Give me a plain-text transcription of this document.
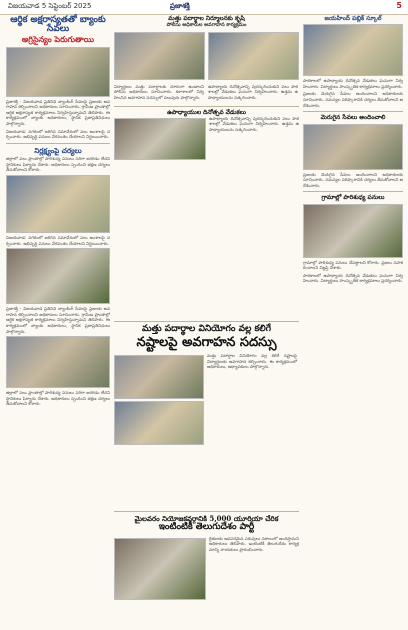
విజయవాడ 5 సెప్టెంబర్ 2025	ప్రజాశక్తి	5

ఆర్థిక అక్షరాస్యతతో బ్యాంకు సేవలు

అగ్రిసైన్యం పెరుగుతాయి

ప్రజాశక్తి - విజయవాడ ప్రతినిధి బ్యాంకింగ్ సేవలపై ప్రజలకు అవగాహన కల్పించాలని అధికారులు సూచించారు. గ్రామీణ ప్రాంతాల్లో ఆర్థిక అక్షరాస్యత కార్యక్రమాలు నిర్వహిస్తున్నామని తెలిపారు. ఈ కార్యక్రమంలో బ్యాంకు అధికారులు, స్థానిక ప్రజాప్రతినిధులు పాల్గొన్నారు.

విజయవాడ: నగరంలో జరిగిన సమావేశంలో పలు అంశాలపై చర్చించారు. అభివృద్ధి పనులు వేగవంతం చేయాలని నిర్ణయించారు.

నిర్లక్ష్యంపై చర్యలు

జిల్లాలో పలు ప్రాంతాల్లో పారిశుధ్య పనులు సరిగా జరగడం లేదని స్థానికులు ఫిర్యాదు చేశారు. అధికారులు స్పందించి తక్షణ చర్యలు తీసుకోవాలని కోరారు.

విజయవాడ: నగరంలో జరిగిన సమావేశంలో పలు అంశాలపై చర్చించారు. అభివృద్ధి పనులు వేగవంతం చేయాలని నిర్ణయించారు.

ప్రజాశక్తి - విజయవాడ ప్రతినిధి బ్యాంకింగ్ సేవలపై ప్రజలకు అవగాహన కల్పించాలని అధికారులు సూచించారు. గ్రామీణ ప్రాంతాల్లో ఆర్థిక అక్షరాస్యత కార్యక్రమాలు నిర్వహిస్తున్నామని తెలిపారు. ఈ కార్యక్రమంలో బ్యాంకు అధికారులు, స్థానిక ప్రజాప్రతినిధులు పాల్గొన్నారు.

జిల్లాలో పలు ప్రాంతాల్లో పారిశుధ్య పనులు సరిగా జరగడం లేదని స్థానికులు ఫిర్యాదు చేశారు. అధికారులు స్పందించి తక్షణ చర్యలు తీసుకోవాలని కోరారు.

మత్తు పదార్థాల నిర్మూలనకు కృషి

పోలీసు అధికారుల అవగాహన కార్యక్రమం

విద్యార్థులు మత్తు పదార్థాలకు దూరంగా ఉండాలని పోలీసు అధికారులు సూచించారు. కళాశాలలో నిర్వహించిన అవగాహన సదస్సులో పలువురు పాల్గొన్నారు.

ఉపాధ్యాయ దినోత్సవాన్ని పురస్కరించుకుని పలు పాఠశాలల్లో వేడుకలు ఘనంగా నిర్వహించారు. ఉత్తమ ఉపాధ్యాయులను సత్కరించారు.

ఉపాధ్యాయుల దినోత్సవ వేడుకలు

ఉపాధ్యాయ దినోత్సవాన్ని పురస్కరించుకుని పలు పాఠశాలల్లో వేడుకలు ఘనంగా నిర్వహించారు. ఉత్తమ ఉపాధ్యాయులను సత్కరించారు.

మత్తు పదార్థాల వినియోగం వల్ల కలిగే

నష్టాలపై అవగాహన సదస్సు

మత్తు పదార్థాల వినియోగం వల్ల కలిగే నష్టాలపై విద్యార్థులకు అవగాహన కల్పించారు. ఈ కార్యక్రమంలో అధికారులు, అధ్యాపకులు పాల్గొన్నారు.

మైలవరం నియోజకవర్గానికి 5,000 యూరియా చేరిక

ఇంటింటికీ తెలుగుదేశం పార్టీ

రైతులకు అవసరమైన ఎరువులు సకాలంలో అందిస్తామని అధికారులు తెలిపారు. ఇంటింటికీ తెలుగుదేశం కార్యక్రమాన్ని నాయకులు ప్రారంభించారు.

జయహింద్ పబ్లిక్ స్కూల్

పాఠశాలలో ఉపాధ్యాయ దినోత్సవ వేడుకలు ఘనంగా నిర్వహించారు. విద్యార్థులు సాంస్కృతిక కార్యక్రమాలు ప్రదర్శించారు.

ప్రజలకు మెరుగైన సేవలు అందించాలని అధికారులకు సూచించారు. సమస్యల పరిష్కారానికి చర్యలు తీసుకోవాలని ఆదేశించారు.

మెరుగైన సేవలు అందించాలి

ప్రజలకు మెరుగైన సేవలు అందించాలని అధికారులకు సూచించారు. సమస్యల పరిష్కారానికి చర్యలు తీసుకోవాలని ఆదేశించారు.

గ్రామాల్లో పారిశుధ్య పనులు

గ్రామాల్లో పారిశుధ్య పనులు చేపట్టాలని కోరారు. ప్రజలు సహకరించాలని విజ్ఞప్తి చేశారు.

పాఠశాలలో ఉపాధ్యాయ దినోత్సవ వేడుకలు ఘనంగా నిర్వహించారు. విద్యార్థులు సాంస్కృతిక కార్యక్రమాలు ప్రదర్శించారు.
